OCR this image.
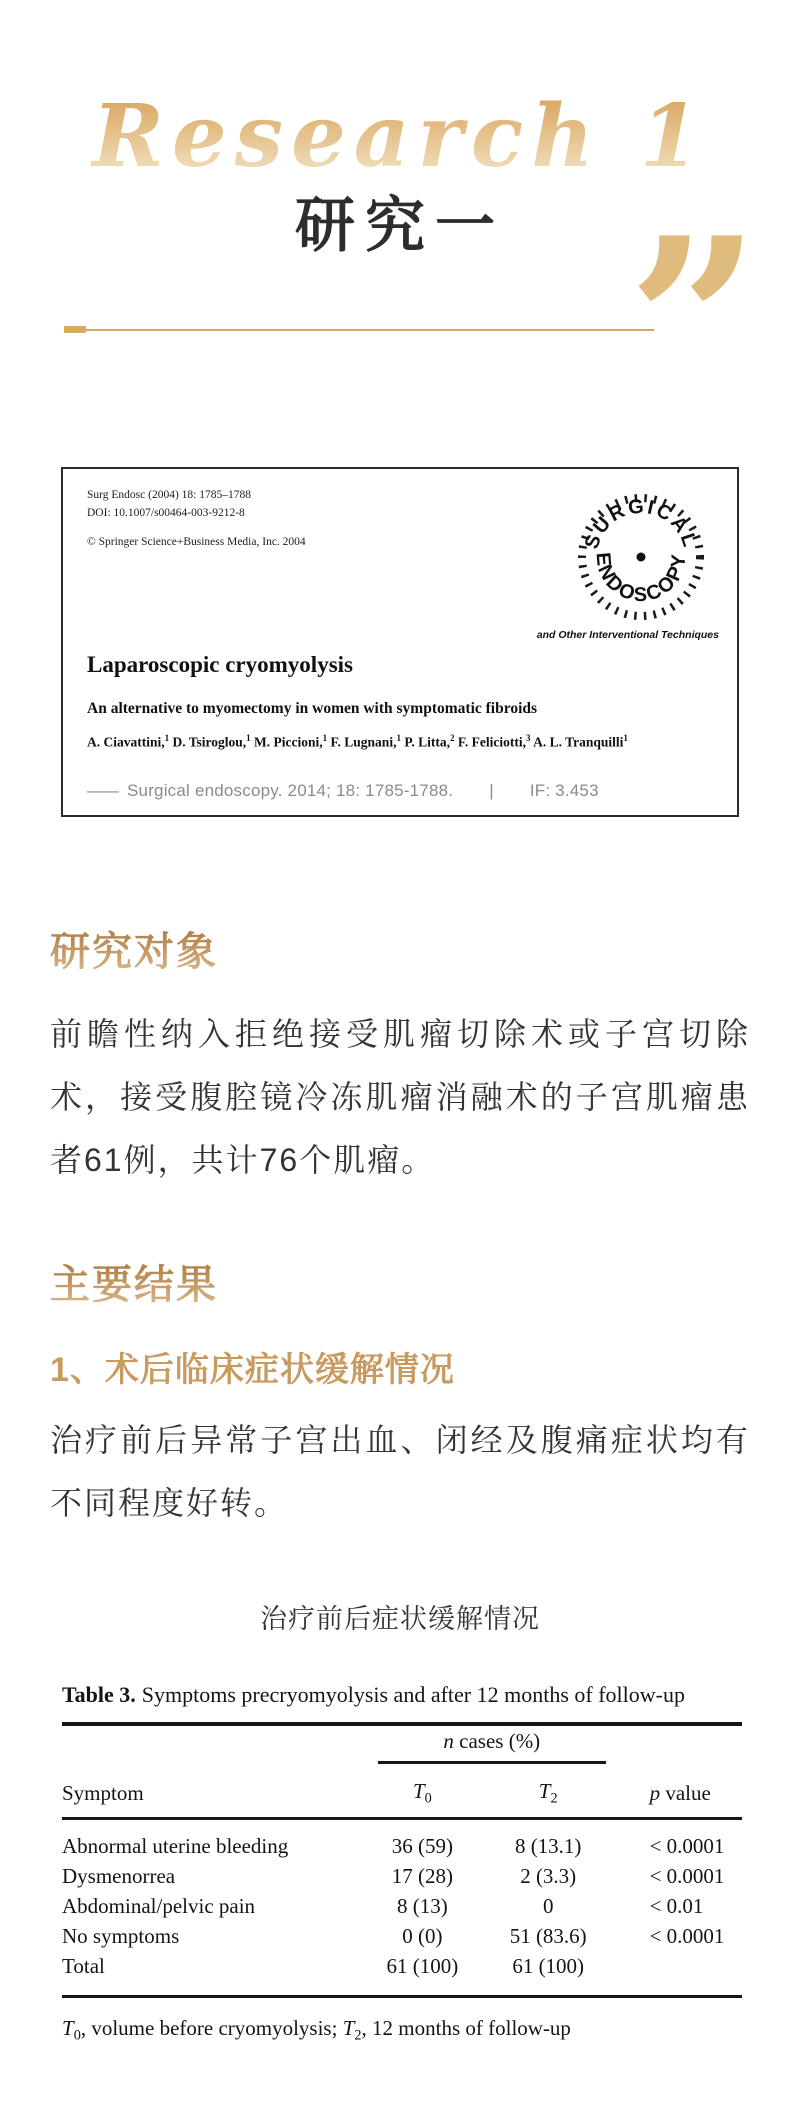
Research 1
研究一 ”
Surg Endosc (2004) 18: 1785–1788
DOI: 10.1007/s00464-003-9212-8
© Springer Science+Business Media, Inc. 2004	SURGICAL
ENDOSCOPY
and Other Interventional Techniques
Laparoscopic cryomyolysis
An alternative to myomectomy in women with symptomatic fibroids
A. Ciavattini,$^1$ D. Tsiroglou,$^1$ M. Piccioni,$^1$ F. Lugnani,$^1$ P. Litta,$^2$ F. Feliciotti,$^3$ A. L. Tranquilli$^1$
—— Surgical endoscopy. 2014; 18: 1785-1788. | IF: 3.453
研究对象

前瞻性纳入拒绝接受肌瘤切除术或子宫切除术，接受腹腔镜冷冻肌瘤消融术的子宫肌瘤患者61例，共计76个肌瘤。

主要结果
1、术后临床症状缓解情况

治疗前后异常子宫出血、闭经及腹痛症状均有不同程度好转。

治疗前后症状缓解情况
Table 3. Symptoms precryomyolysis and after 12 months of follow-up

	n cases (%)		

Symptom	$T_0$	$T_2$	p value
Abnormal uterine bleeding	36 (59)	8 (13.1)	< 0.0001
Dysmenorrea	17 (28)	2 (3.3)	< 0.0001
Abdominal/pelvic pain	8 (13)	0	< 0.01
No symptoms	0 (0)	51 (83.6)	< 0.0001
Total	61 (100)	61 (100)	
$T_0$, volume before cryomyolysis; $T_2$, 12 months of follow-up
